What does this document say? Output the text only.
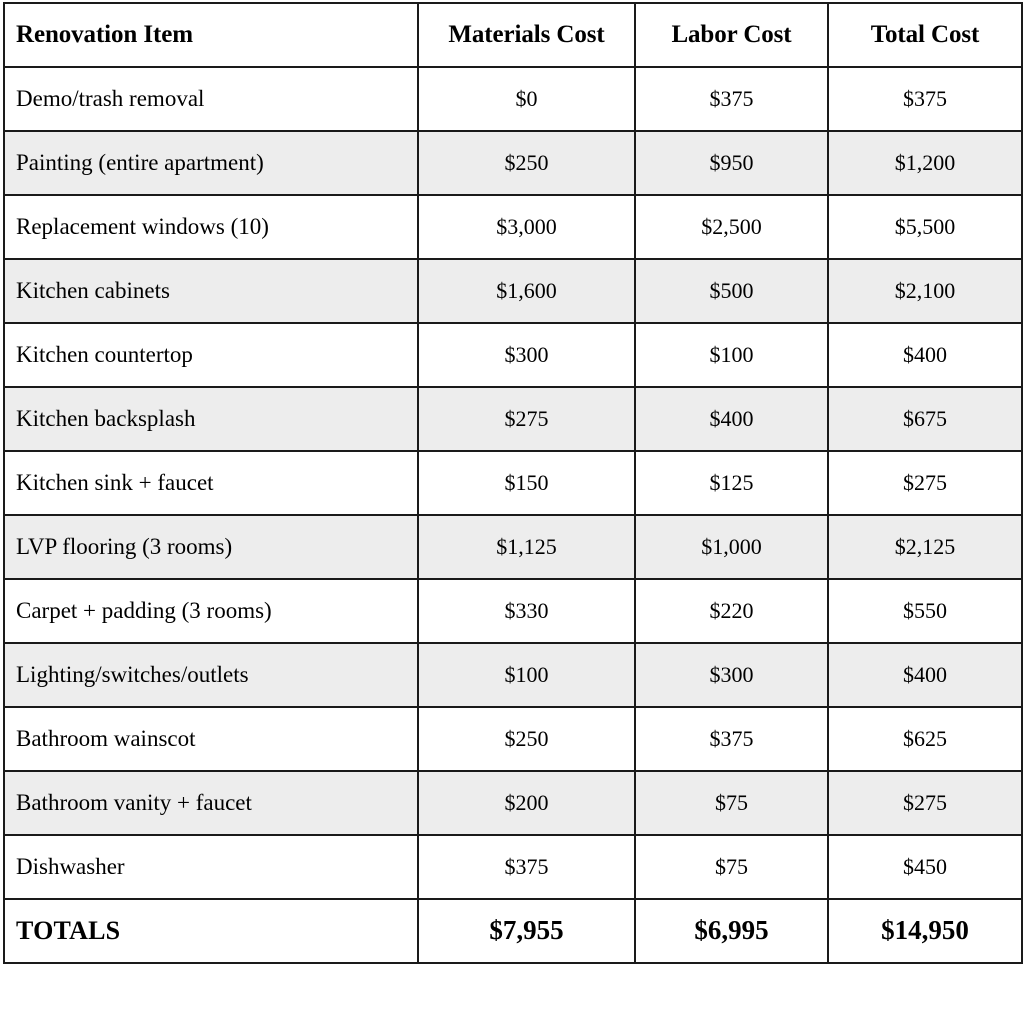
Renovation Item	Materials Cost	Labor Cost	Total Cost
Demo/trash removal	$0	$375	$375
Painting (entire apartment)	$250	$950	$1,200
Replacement windows (10)	$3,000	$2,500	$5,500
Kitchen cabinets	$1,600	$500	$2,100
Kitchen countertop	$300	$100	$400
Kitchen backsplash	$275	$400	$675
Kitchen sink + faucet	$150	$125	$275
LVP flooring (3 rooms)	$1,125	$1,000	$2,125
Carpet + padding (3 rooms)	$330	$220	$550
Lighting/switches/outlets	$100	$300	$400
Bathroom wainscot	$250	$375	$625
Bathroom vanity + faucet	$200	$75	$275
Dishwasher	$375	$75	$450
TOTALS	$7,955	$6,995	$14,950
